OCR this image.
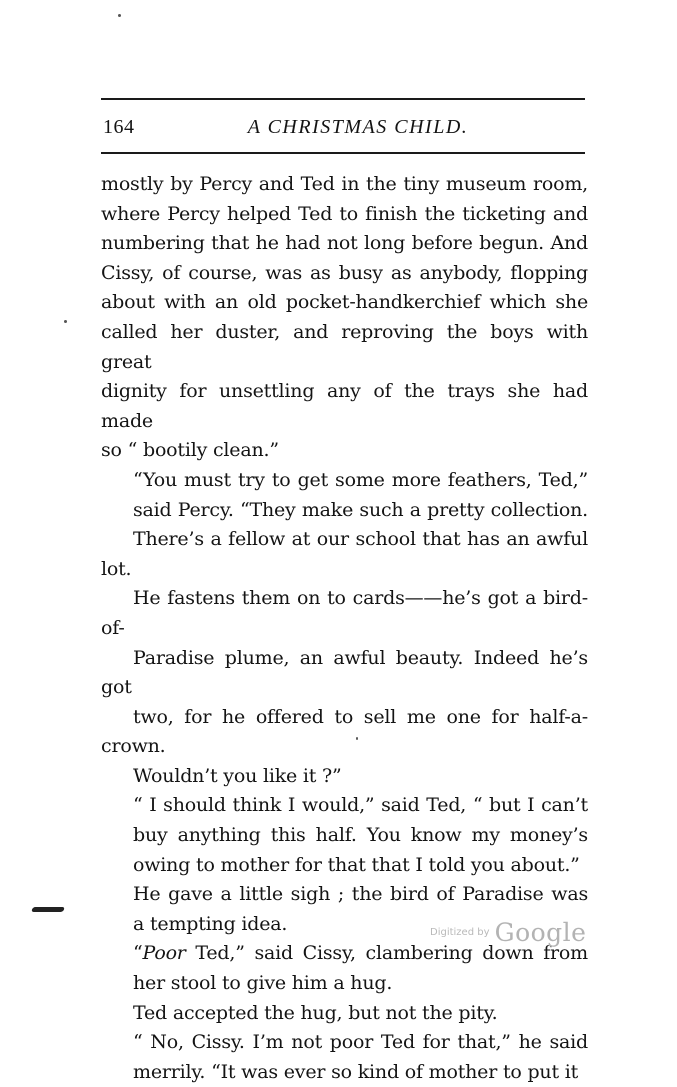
164	A CHRISTMAS CHILD.

mostly by Percy and Ted in the tiny museum room,
where Percy helped Ted to finish the ticketing and
numbering that he had not long before begun. And
Cissy, of course, was as busy as anybody, flopping
about with an old pocket-handkerchief which she
called her duster, and reproving the boys with great
dignity for unsettling any of the trays she had made
so “ bootily clean.”

“You must try to get some more feathers, Ted,”
said Percy. “They make such a pretty collection.
There’s a fellow at our school that has an awful lot.
He fastens them on to cards——he’s got a bird-of-
Paradise plume, an awful beauty. Indeed he’s got
two, for he offered to sell me one for half-a-crown.
Wouldn’t you like it ?”

“ I should think I would,” said Ted, “ but I can’t
buy anything this half. You know my money’s
owing to mother for that that I told you about.”

He gave a little sigh ; the bird of Paradise was
a tempting idea.

“Poor Ted,” said Cissy, clambering down from
her stool to give him a hug.

Ted accepted the hug, but not the pity.

“ No, Cissy. I’m not poor Ted for that,” he said
merrily. “It was ever so kind of mother to put it

Digitized by Google
